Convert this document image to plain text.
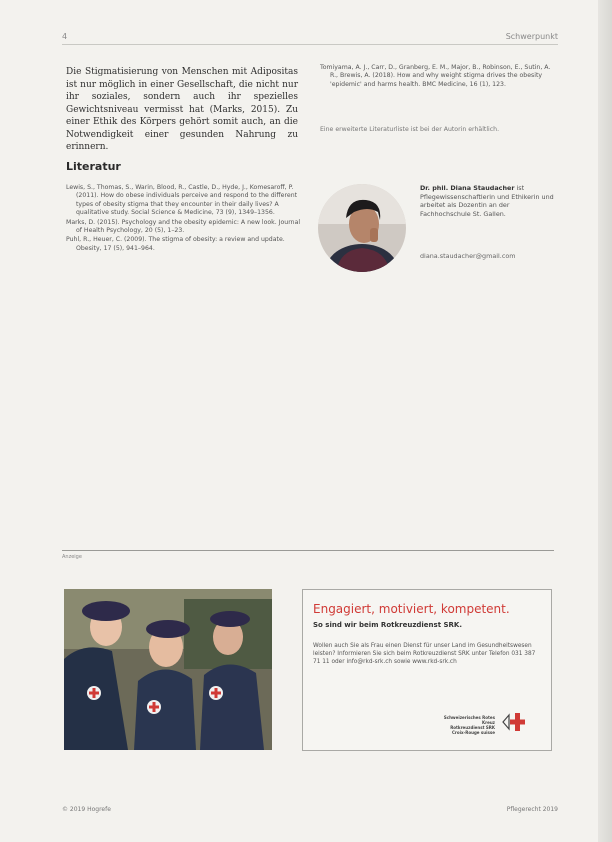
4	Schwerpunkt
Die Stigmatisierung von Menschen mit Adipositas ist nur möglich in einer Gesellschaft, die nicht nur ihr soziales, sondern auch ihr spezielles Gewichtsniveau vermisst hat (Marks, 2015). Zu einer Ethik des Körpers gehört somit auch, an die Notwendigkeit einer gesunden Nahrung zu erinnern.
Literatur

Lewis, S., Thomas, S., Warin, Blood, R., Castle, D., Hyde, J., Komesaroff, P. (2011). How do obese individuals perceive and respond to the different types of obesity stigma that they encounter in their daily lives? A qualitative study. Social Science & Medicine, 73 (9), 1349–1356.

Marks, D. (2015). Psychology and the obesity epidemic: A new look. Journal of Health Psychology, 20 (5), 1–23.

Puhl, R., Heuer, C. (2009). The stigma of obesity: a review and update. Obesity, 17 (5), 941–964.

Tomiyama, A. J., Carr, D., Granberg, E. M., Major, B., Robinson, E., Sutin, A. R., Brewis, A. (2018). How and why weight stigma drives the obesity 'epidemic' and harms health. BMC Medicine, 16 (1), 123.

Eine erweiterte Literaturliste ist bei der Autorin erhältlich.
Dr. phil. Diana Staudacher ist Pflegewissenschaftlerin und Ethikerin und arbeitet als Dozentin an der Fachhochschule St. Gallen.
diana.staudacher@gmail.com
Anzeige
Engagiert, motiviert, kompetent.
So sind wir beim Rotkreuzdienst SRK.
Wollen auch Sie als Frau einen Dienst für unser Land im Gesundheitswesen leisten? Informieren Sie sich beim Rotkreuzdienst SRK unter Telefon 031 387 71 11 oder info@rkd-srk.ch sowie www.rkd-srk.ch
Schweizerisches Rotes Kreuz
Rotkreuzdienst SRK
Croix-Rouge suisse
© 2019 Hogrefe	Pflegerecht 2019
